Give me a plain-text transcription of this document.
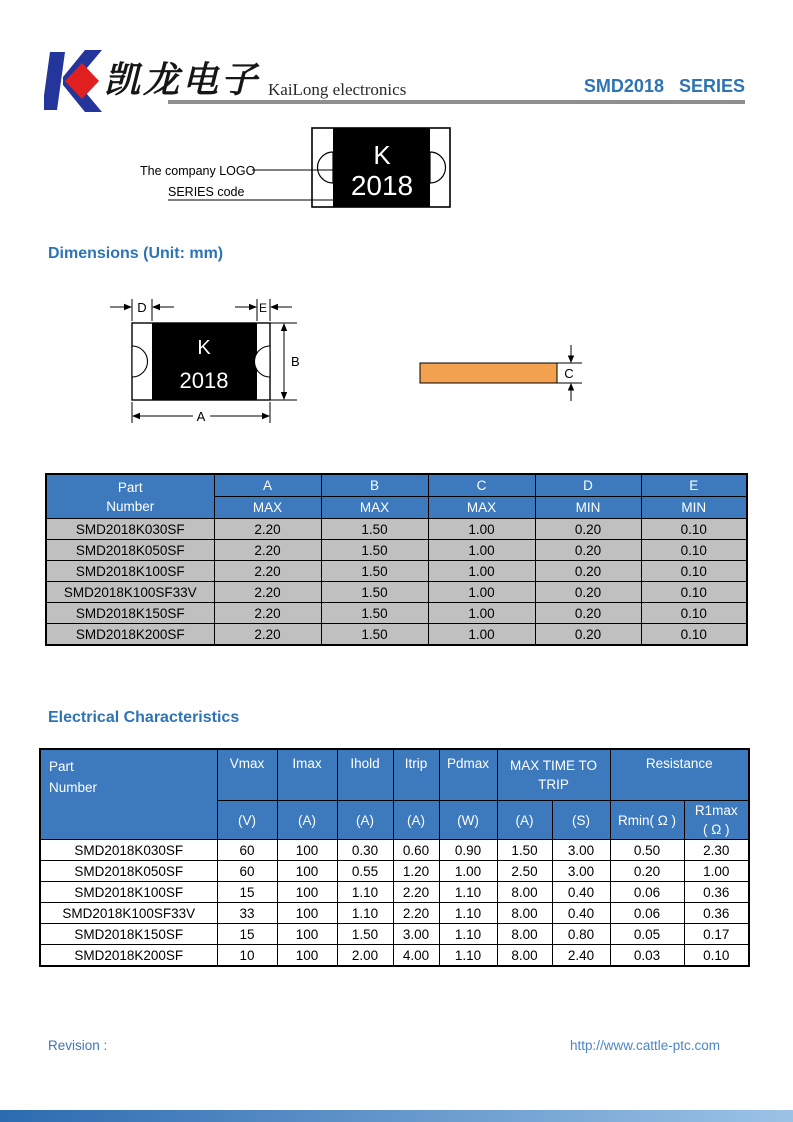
凯龙电子 KaiLong electronics	SMD2018   SERIES
K
2018
The company LOGO
SERIES code
Dimensions (Unit: mm)
K
2018
D	E
B
A
C
Part
Number	A	B	C	D	E
	MAX	MAX	MAX	MIN	MIN
SMD2018K030SF	2.20	1.50	1.00	0.20	0.10
SMD2018K050SF	2.20	1.50	1.00	0.20	0.10
SMD2018K100SF	2.20	1.50	1.00	0.20	0.10
SMD2018K100SF33V	2.20	1.50	1.00	0.20	0.10
SMD2018K150SF	2.20	1.50	1.00	0.20	0.10
SMD2018K200SF	2.20	1.50	1.00	0.20	0.10
Electrical Characteristics
Part
Number
	Vmax	Imax	Ihold	Itrip	Pdmax	MAX TIME TO
TRIP
	Resistance
	(V)	(A)	(A)	(A)	(W)	(A)	(S)	Rmin( Ω )	R1max
( Ω )

SMD2018K030SF	60	100	0.30	0.60	0.90	1.50	3.00	0.50	2.30
SMD2018K050SF	60	100	0.55	1.20	1.00	2.50	3.00	0.20	1.00
SMD2018K100SF	15	100	1.10	2.20	1.10	8.00	0.40	0.06	0.36
SMD2018K100SF33V	33	100	1.10	2.20	1.10	8.00	0.40	0.06	0.36
SMD2018K150SF	15	100	1.50	3.00	1.10	8.00	0.80	0.05	0.17
SMD2018K200SF	10	100	2.00	4.00	1.10	8.00	2.40	0.03	0.10
Revision :	http://www.cattle-ptc.com
